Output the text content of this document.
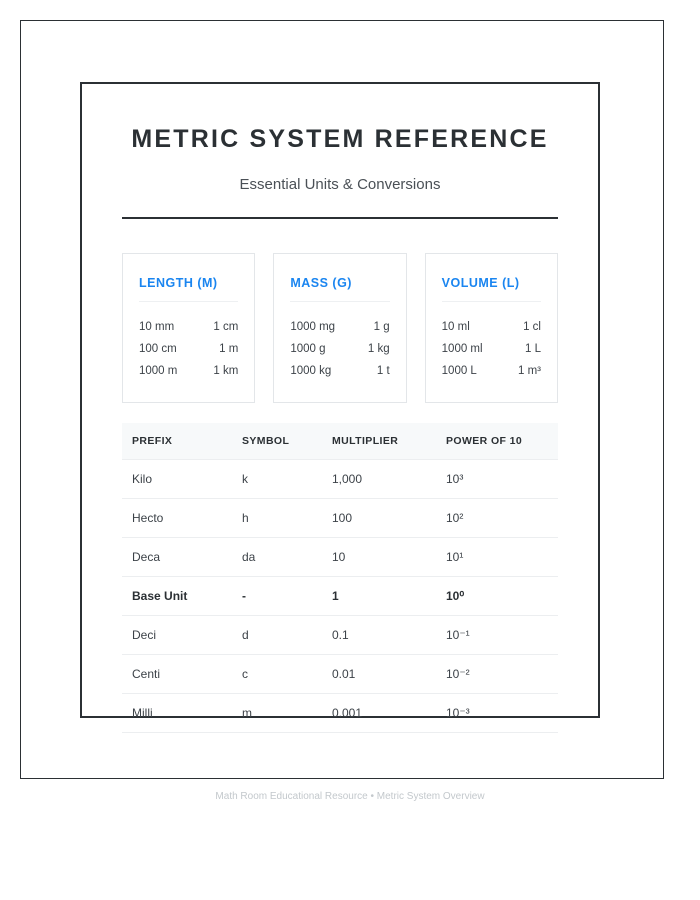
METRIC SYSTEM REFERENCE

Essential Units & Conversions

LENGTH (M)
10 mm	1 cm
100 cm	1 m
1000 m	1 km
MASS (G)
1000 mg	1 g
1000 g	1 kg
1000 kg	1 t
VOLUME (L)
10 ml	1 cl
1000 ml	1 L
1000 L	1 m³
PREFIX	SYMBOL	MULTIPLIER	POWER OF 10
Kilo	k	1,000	10³
Hecto	h	100	10²
Deca	da	10	10¹
Base Unit	-	1	10⁰
Deci	d	0.1	10⁻¹
Centi	c	0.01	10⁻²
Milli	m	0.001	10⁻³
Math Room Educational Resource • Metric System Overview
